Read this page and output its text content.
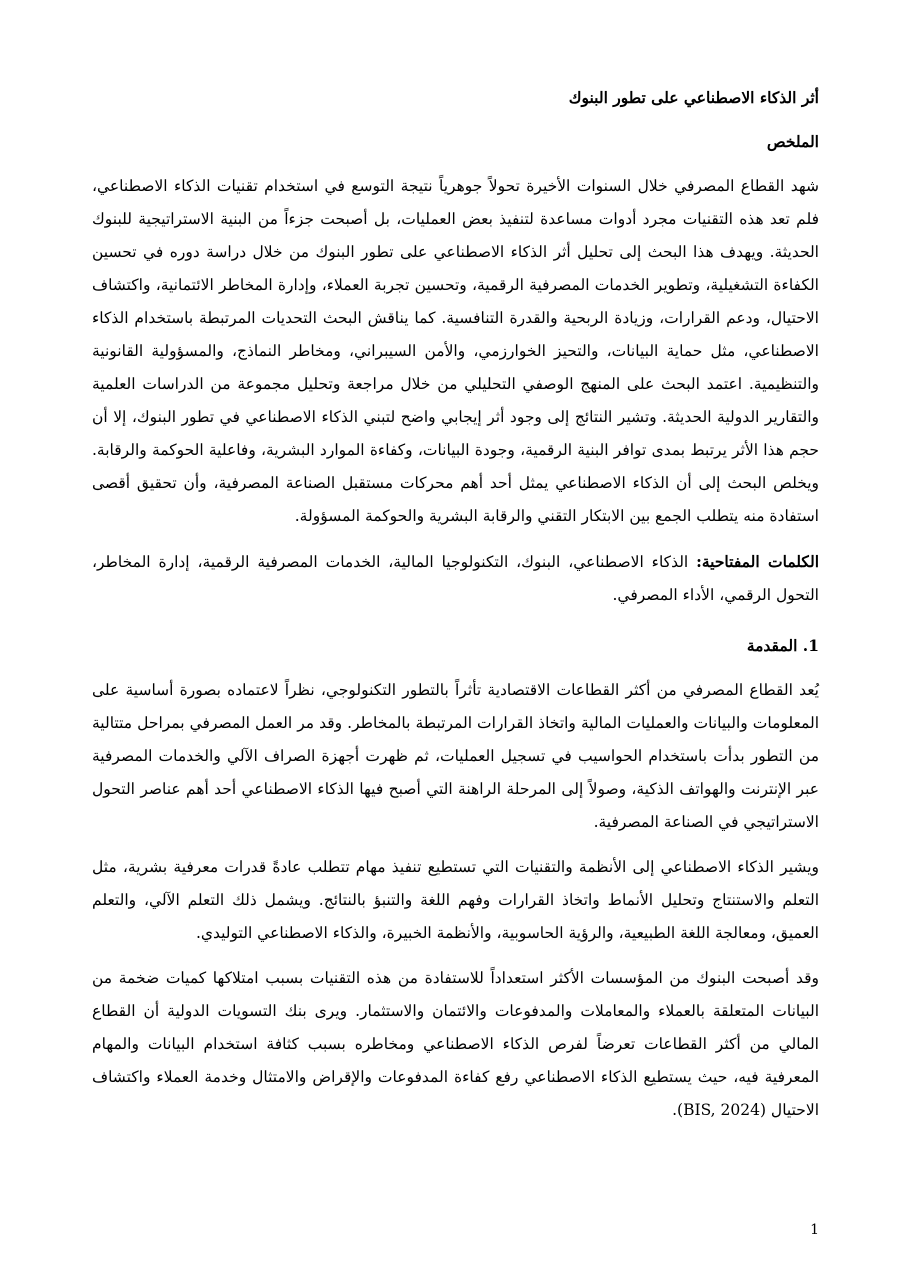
أثر الذكاء الاصطناعي على تطور البنوك

الملخص

شهد القطاع المصرفي خلال السنوات الأخيرة تحولاً جوهرياً نتيجة التوسع في استخدام تقنيات الذكاء الاصطناعي، فلم تعد هذه التقنيات مجرد أدوات مساعدة لتنفيذ بعض العمليات، بل أصبحت جزءاً من البنية الاستراتيجية للبنوك الحديثة. ويهدف هذا البحث إلى تحليل أثر الذكاء الاصطناعي على تطور البنوك من خلال دراسة دوره في تحسين الكفاءة التشغيلية، وتطوير الخدمات المصرفية الرقمية، وتحسين تجربة العملاء، وإدارة المخاطر الائتمانية، واكتشاف الاحتيال، ودعم القرارات، وزيادة الربحية والقدرة التنافسية. كما يناقش البحث التحديات المرتبطة باستخدام الذكاء الاصطناعي، مثل حماية البيانات، والتحيز الخوارزمي، والأمن السيبراني، ومخاطر النماذج، والمسؤولية القانونية والتنظيمية. اعتمد البحث على المنهج الوصفي التحليلي من خلال مراجعة وتحليل مجموعة من الدراسات العلمية والتقارير الدولية الحديثة. وتشير النتائج إلى وجود أثر إيجابي واضح لتبني الذكاء الاصطناعي في تطور البنوك، إلا أن حجم هذا الأثر يرتبط بمدى توافر البنية الرقمية، وجودة البيانات، وكفاءة الموارد البشرية، وفاعلية الحوكمة والرقابة. ويخلص البحث إلى أن الذكاء الاصطناعي يمثل أحد أهم محركات مستقبل الصناعة المصرفية، وأن تحقيق أقصى استفادة منه يتطلب الجمع بين الابتكار التقني والرقابة البشرية والحوكمة المسؤولة.

الكلمات المفتاحية: الذكاء الاصطناعي، البنوك، التكنولوجيا المالية، الخدمات المصرفية الرقمية، إدارة المخاطر، التحول الرقمي، الأداء المصرفي.

1. المقدمة

يُعد القطاع المصرفي من أكثر القطاعات الاقتصادية تأثراً بالتطور التكنولوجي، نظراً لاعتماده بصورة أساسية على المعلومات والبيانات والعمليات المالية واتخاذ القرارات المرتبطة بالمخاطر. وقد مر العمل المصرفي بمراحل متتالية من التطور بدأت باستخدام الحواسيب في تسجيل العمليات، ثم ظهرت أجهزة الصراف الآلي والخدمات المصرفية عبر الإنترنت والهواتف الذكية، وصولاً إلى المرحلة الراهنة التي أصبح فيها الذكاء الاصطناعي أحد أهم عناصر التحول الاستراتيجي في الصناعة المصرفية.

ويشير الذكاء الاصطناعي إلى الأنظمة والتقنيات التي تستطيع تنفيذ مهام تتطلب عادةً قدرات معرفية بشرية، مثل التعلم والاستنتاج وتحليل الأنماط واتخاذ القرارات وفهم اللغة والتنبؤ بالنتائج. ويشمل ذلك التعلم الآلي، والتعلم العميق، ومعالجة اللغة الطبيعية، والرؤية الحاسوبية، والأنظمة الخبيرة، والذكاء الاصطناعي التوليدي.

وقد أصبحت البنوك من المؤسسات الأكثر استعداداً للاستفادة من هذه التقنيات بسبب امتلاكها كميات ضخمة من البيانات المتعلقة بالعملاء والمعاملات والمدفوعات والائتمان والاستثمار. ويرى بنك التسويات الدولية أن القطاع المالي من أكثر القطاعات تعرضاً لفرص الذكاء الاصطناعي ومخاطره بسبب كثافة استخدام البيانات والمهام المعرفية فيه، حيث يستطيع الذكاء الاصطناعي رفع كفاءة المدفوعات والإقراض والامتثال وخدمة العملاء واكتشاف الاحتيال (BIS, 2024).

1
